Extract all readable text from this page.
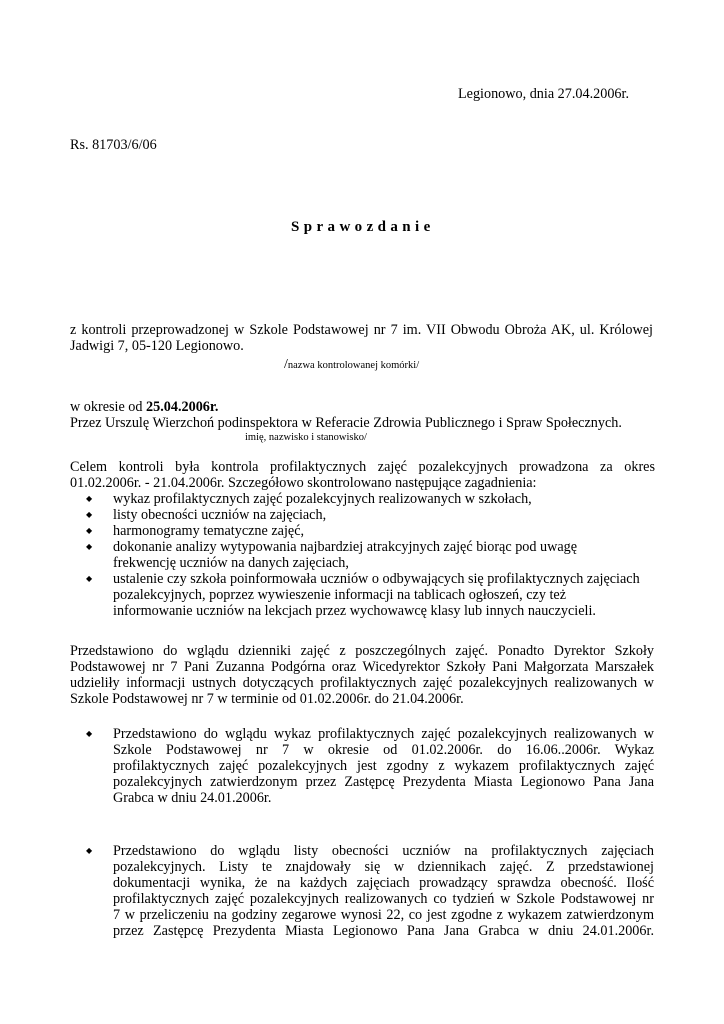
Legionowo, dnia 27.04.2006r.
Rs. 81703/6/06
Sprawozdanie
z kontroli przeprowadzonej w Szkole Podstawowej nr 7 im. VII Obwodu Obroża AK, ul. Królowej
Jadwigi 7, 05-120 Legionowo.
/nazwa kontrolowanej komórki/
w okresie od 25.04.2006r.
Przez Urszulę Wierzchoń podinspektora w Referacie Zdrowia Publicznego i Spraw Społecznych.
imię, nazwisko i stanowisko/
Celem kontroli była kontrola profilaktycznych zajęć pozalekcyjnych prowadzona za okres
01.02.2006r. - 21.04.2006r. Szczegółowo skontrolowano następujące zagadnienia:
◆ wykaz profilaktycznych zajęć pozalekcyjnych realizowanych w szkołach,
◆ listy obecności uczniów na zajęciach,
◆ harmonogramy tematyczne zajęć,
◆ dokonanie analizy wytypowania najbardziej atrakcyjnych zajęć biorąc pod uwagę
frekwencję uczniów na danych zajęciach,
◆ ustalenie czy szkoła poinformowała uczniów o odbywających się profilaktycznych zajęciach
pozalekcyjnych, poprzez wywieszenie informacji na tablicach ogłoszeń, czy też
informowanie uczniów na lekcjach przez wychowawcę klasy lub innych nauczycieli.
Przedstawiono do wglądu dzienniki zajęć z poszczególnych zajęć. Ponadto Dyrektor Szkoły
Podstawowej nr 7 Pani Zuzanna Podgórna oraz Wicedyrektor Szkoły Pani Małgorzata Marszałek
udzieliły informacji ustnych dotyczących profilaktycznych zajęć pozalekcyjnych realizowanych w
Szkole Podstawowej nr 7 w terminie od 01.02.2006r. do 21.04.2006r.
◆ Przedstawiono do wglądu wykaz profilaktycznych zajęć pozalekcyjnych realizowanych w
Szkole Podstawowej nr 7 w okresie od 01.02.2006r. do 16.06..2006r. Wykaz
profilaktycznych zajęć pozalekcyjnych jest zgodny z wykazem profilaktycznych zajęć
pozalekcyjnych zatwierdzonym przez Zastępcę Prezydenta Miasta Legionowo Pana Jana
Grabca w dniu 24.01.2006r.
◆ Przedstawiono do wglądu listy obecności uczniów na profilaktycznych zajęciach
pozalekcyjnych. Listy te znajdowały się w dziennikach zajęć. Z przedstawionej
dokumentacji wynika, że na każdych zajęciach prowadzący sprawdza obecność. Ilość
profilaktycznych zajęć pozalekcyjnych realizowanych co tydzień w Szkole Podstawowej nr
7 w przeliczeniu na godziny zegarowe wynosi 22, co jest zgodne z wykazem zatwierdzonym
przez Zastępcę Prezydenta Miasta Legionowo Pana Jana Grabca w dniu 24.01.2006r.
